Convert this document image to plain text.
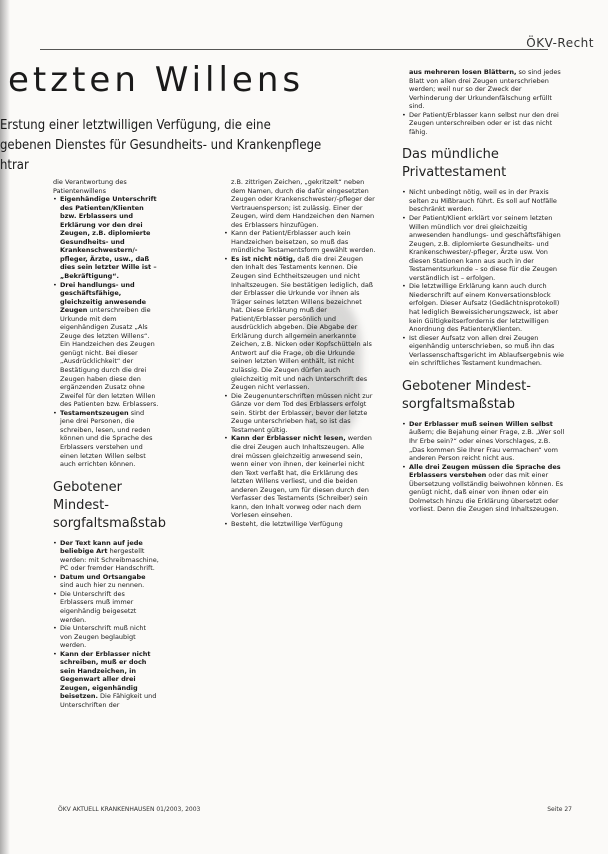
ÖKV-Recht
etzten Willens
Erstung einer letztwilligen Verfügung, die eine
gebenen Dienstes für Gesundheits- und Krankenpflege
htrar

die Verantwortung des Patientenwillens

• Eigenhändige Unterschrift des Patienten/Klienten bzw. Erblassers und Erklärung vor den drei Zeugen, z.B. diplomierte Gesundheits- und Krankenschwestern/-pfleger, Ärzte, usw., daß dies sein letzter Wille ist – „Bekräftigung“.
• Drei handlungs- und geschäftsfähige, gleichzeitig anwesende Zeugen unterschreiben die Urkunde mit dem eigenhändigen Zusatz „Als Zeuge des letzten Willens“. Ein Handzeichen des Zeugen genügt nicht. Bei dieser „Ausdrücklichkeit“ der Bestätigung durch die drei Zeugen haben diese den ergänzenden Zusatz ohne Zweifel für den letzten Willen des Patienten bzw. Erblassers.
• Testamentszeugen sind jene drei Personen, die schreiben, lesen, und reden können und die Sprache des Erblassers verstehen und einen letzten Willen selbst auch errichten können.
Gebotener Mindest-sorgfaltsmaßstab
• Der Text kann auf jede beliebige Art hergestellt werden: mit Schreibmaschine, PC oder fremder Handschrift.
• Datum und Ortsangabe sind auch hier zu nennen.
• Die Unterschrift des Erblassers muß immer eigenhändig beigesetzt werden.
• Die Unterschrift muß nicht von Zeugen beglaubigt werden.
• Kann der Erblasser nicht schreiben, muß er doch sein Handzeichen, in Gegenwart aller drei Zeugen, eigenhändig beisetzen. Die Fähigkeit und Unterschriften der
z.B. zittrigen Zeichen, „gekritzelt“ neben dem Namen, durch die dafür eingesetzten Zeugen oder Krankenschwester/-pfleger der Vertrauensperson; ist zulässig. Einer der Zeugen, wird dem Handzeichen den Namen des Erblassers hinzufügen.
• Kann der Patient/Erblasser auch kein Handzeichen beisetzen, so muß das mündliche Testamentsform gewählt werden.
• Es ist nicht nötig, daß die drei Zeugen den Inhalt des Testaments kennen. Die Zeugen sind Echtheitszeugen und nicht Inhaltszeugen. Sie bestätigen lediglich, daß der Erblasser die Urkunde vor ihnen als Träger seines letzten Willens bezeichnet hat. Diese Erklärung muß der Patient/Erblasser persönlich und ausdrücklich abgeben. Die Abgabe der Erklärung durch allgemein anerkannte Zeichen, z.B. Nicken oder Kopfschütteln als Antwort auf die Frage, ob die Urkunde seinen letzten Willen enthält, ist nicht zulässig. Die Zeugen dürfen auch gleichzeitig mit und nach Unterschrift des Zeugen nicht verlassen.
• Die Zeugenunterschriften müssen nicht zur Gänze vor dem Tod des Erblassers erfolgt sein. Stirbt der Erblasser, bevor der letzte Zeuge unterschrieben hat, so ist das Testament gültig.
• Kann der Erblasser nicht lesen, werden die drei Zeugen auch Inhaltszeugen. Alle drei müssen gleichzeitig anwesend sein, wenn einer von ihnen, der keinerlei nicht den Text verfaßt hat, die Erklärung des letzten Willens verliest, und die beiden anderen Zeugen, um für diesen durch den Verfasser des Testaments (Schreiber) sein kann, den Inhalt vorweg oder nach dem Vorlesen einsehen.
• Besteht, die letztwillige Verfügung
aus mehreren losen Blättern, so sind jedes Blatt von allen drei Zeugen unterschrieben werden; weil nur so der Zweck der Verhinderung der Urkundenfälschung erfüllt sind.
• Der Patient/Erblasser kann selbst nur den drei Zeugen unterschreiben oder er ist das nicht fähig.
Das mündliche Privattestament
• Nicht unbedingt nötig, weil es in der Praxis selten zu Mißbrauch führt. Es soll auf Notfälle beschränkt werden.
• Der Patient/Klient erklärt vor seinem letzten Willen mündlich vor drei gleichzeitig anwesenden handlungs- und geschäftsfähigen Zeugen, z.B. diplomierte Gesundheits- und Krankenschwester/-pfleger, Ärzte usw. Von diesen Stationen kann aus auch in der Testamentsurkunde – so diese für die Zeugen verständlich ist – erfolgen.
• Die letztwillige Erklärung kann auch durch Niederschrift auf einem Konversationsblock erfolgen. Dieser Aufsatz (Gedächtnisprotokoll) hat lediglich Beweissicherungszweck, ist aber kein Gültigkeitserfordernis der letztwilligen Anordnung des Patienten/Klienten.
• Ist dieser Aufsatz von allen drei Zeugen eigenhändig unterschrieben, so muß ihn das Verlassenschaftsgericht im Ablaufsergebnis wie ein schriftliches Testament kundmachen.
Gebotener Mindest-sorgfaltsmaßstab
• Der Erblasser muß seinen Willen selbst äußern; die Bejahung einer Frage, z.B. „Wer soll Ihr Erbe sein?“ oder eines Vorschlages, z.B. „Das kommen Sie Ihrer Frau vermachen“ vom anderen Person reicht nicht aus.
• Alle drei Zeugen müssen die Sprache des Erblassers verstehen oder das mit einer Übersetzung vollständig beiwohnen können. Es genügt nicht, daß einer von ihnen oder ein Dolmetsch hinzu die Erklärung übersetzt oder vorliest. Denn die Zeugen sind Inhaltszeugen.
ÖKV AKTUELL KRANKENHAUSEN 01/2003, 2003	Seite 27
